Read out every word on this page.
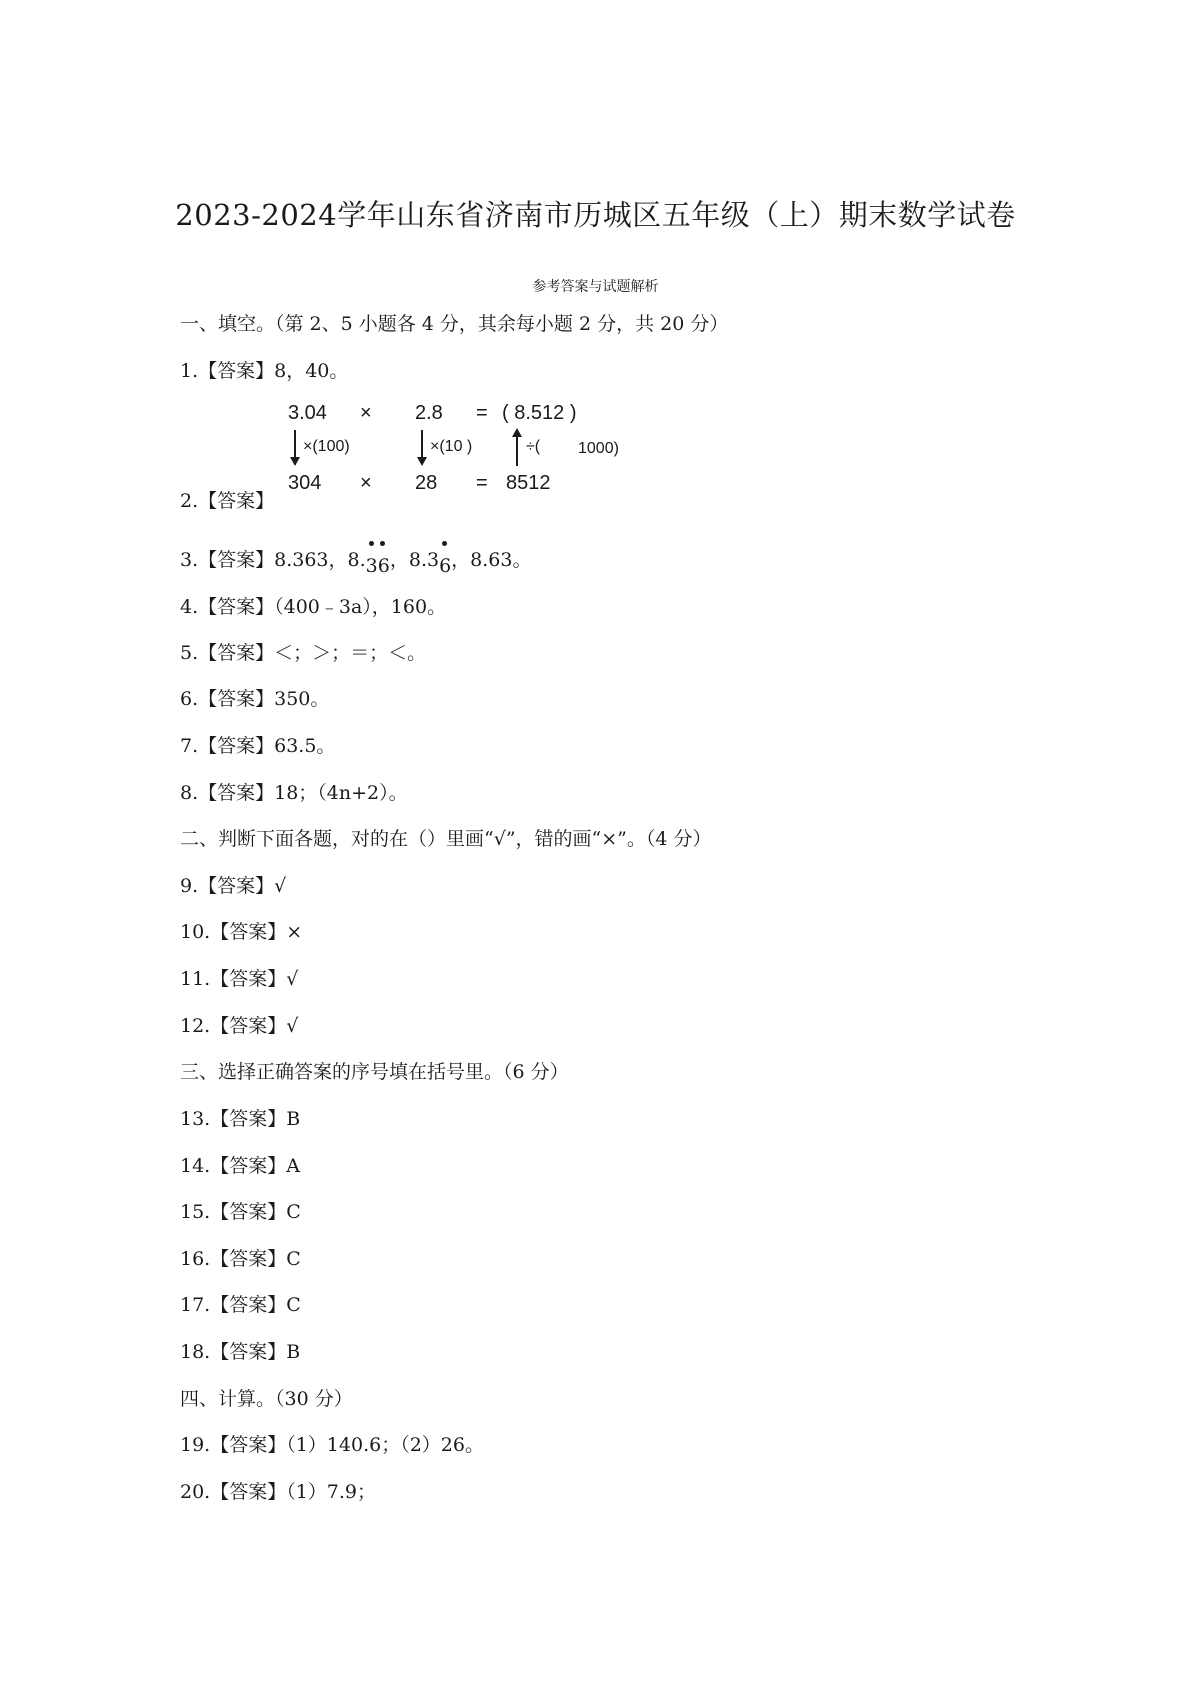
2023-2024学年山东省济南市历城区五年级（上）期末数学试卷
参考答案与试题解析
一、填空。（第 2、5 小题各 4 分，其余每小题 2 分，共 20 分）
1.【答案】8，40。
3.04 × 2.8 = ( 8.512 )
×(100)	×(10 )	÷( 1000)
304 × 28 = 8512
2.【答案】
3.【答案】8.363，8.36
，8.36
，8.63。
4.【答案】（400﹣3a），160。
5.【答案】＜；＞；＝；＜。
6.【答案】350。
7.【答案】63.5。
8.【答案】18；（4n+2）。
二、判断下面各题，对的在（）里画“√”，错的画“×”。（4 分）
9.【答案】√
10.【答案】×
11.【答案】√
12.【答案】√
三、选择正确答案的序号填在括号里。（6 分）
13.【答案】B
14.【答案】A
15.【答案】C
16.【答案】C
17.【答案】C
18.【答案】B
四、计算。（30 分）
19.【答案】（1）140.6；（2）26。
20.【答案】（1）7.9；
